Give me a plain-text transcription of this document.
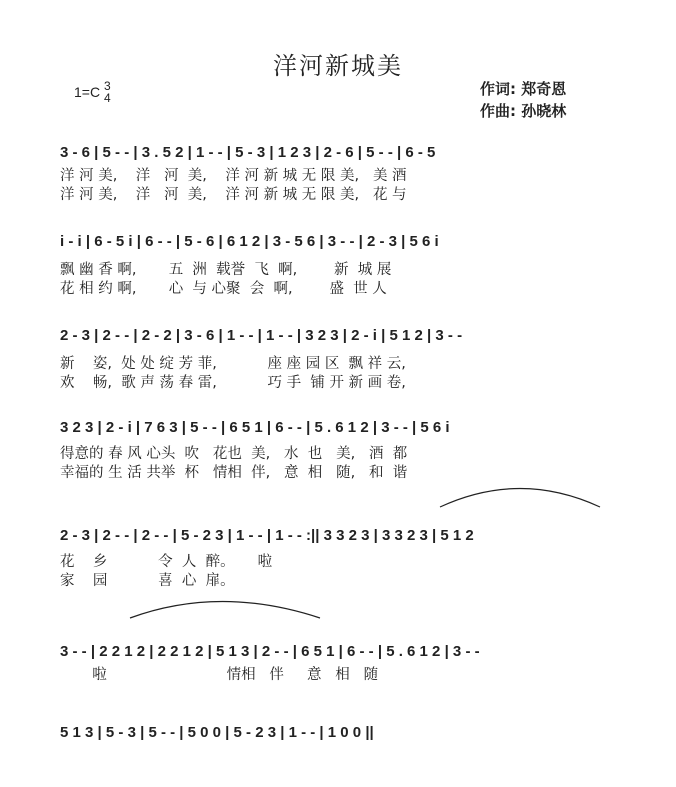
洋河新城美
1=C 3
4	作词: 郑奇恩
作曲: 孙晓林
3 - 6 | 5 - - | 3 . 5 2 | 1 - - | 5 - 3 | 1 2 3 | 2 - 6 | 5 - - | 6 - 5
洋 河 美,    洋   河  美,    洋 河 新 城 无 限 美,   美 酒
洋 河 美,    洋   河  美,    洋 河 新 城 无 限 美,   花 与
i - i | 6 - 5 i | 6 - - | 5 - 6 | 6 1 2 | 3 - 5 6 | 3 - - | 2 - 3 | 5 6 i
飘 幽 香 啊,       五  洲  载誉  飞  啊,        新  城 展
花 相 约 啊,       心  与 心聚  会  啊,        盛  世 人
2 - 3 | 2 - - | 2 - 2 | 3 - 6 | 1 - - | 1 - - | 3 2 3 | 2 - i | 5 1 2 | 3 - -
新    姿,  处 处 绽 芳 菲,           座 座 园 区  飘 祥 云,
欢    畅,  歌 声 荡 春 雷,           巧 手  铺 开 新 画 卷,
3 2 3 | 2 - i | 7 6 3 | 5 - - | 6 5 1 | 6 - - | 5 . 6 1 2 | 3 - - | 5 6 i
得意的 春 风 心头  吹   花也  美,   水  也   美,   酒  都
幸福的 生 活 共举  杯   情相  伴,   意  相   随,   和  谐
2 - 3 | 2 - - | 2 - - | 5 - 2 3 | 1 - - | 1 - - :|| 3 3 2 3 | 3 3 2 3 | 5 1 2
花    乡           令  人  醉。     啦
家    园           喜  心  扉。
3 - - | 2 2 1 2 | 2 2 1 2 | 5 1 3 | 2 - - | 6 5 1 | 6 - - | 5 . 6 1 2 | 3 - -
啦                          情相   伴     意   相   随
5 1 3 | 5 - 3 | 5 - - | 5 0 0 | 5 - 2 3 | 1 - - | 1 0 0 ||
